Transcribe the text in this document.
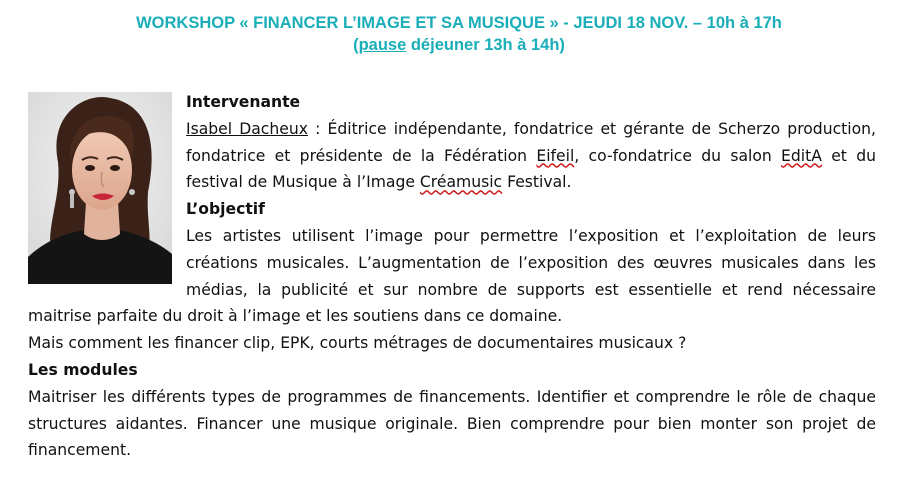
WORKSHOP « FINANCER L’IMAGE ET SA MUSIQUE » - JEUDI 18 NOV. – 10h à 17h
(pause déjeuner 13h à 14h)
Intervenante
Isabel Dacheux : Éditrice indépendante, fondatrice et gérante de Scherzo production,
fondatrice et présidente de la Fédération Eifeil, co-fondatrice du salon EditA et du
festival de Musique à l’Image Créamusic Festival.
L’objectif
Les artistes utilisent l’image pour permettre l’exposition et l’exploitation de leurs
créations musicales. L’augmentation de l’exposition des œuvres musicales dans les
médias, la publicité et sur nombre de supports est essentielle et rend nécessaire
maitrise parfaite du droit à l’image et les soutiens dans ce domaine.
Mais comment les financer clip, EPK, courts métrages de documentaires musicaux ?
Les modules
Maitriser les différents types de programmes de financements. Identifier et comprendre le rôle de chaque
structures aidantes. Financer une musique originale. Bien comprendre pour bien monter son projet de
financement.
